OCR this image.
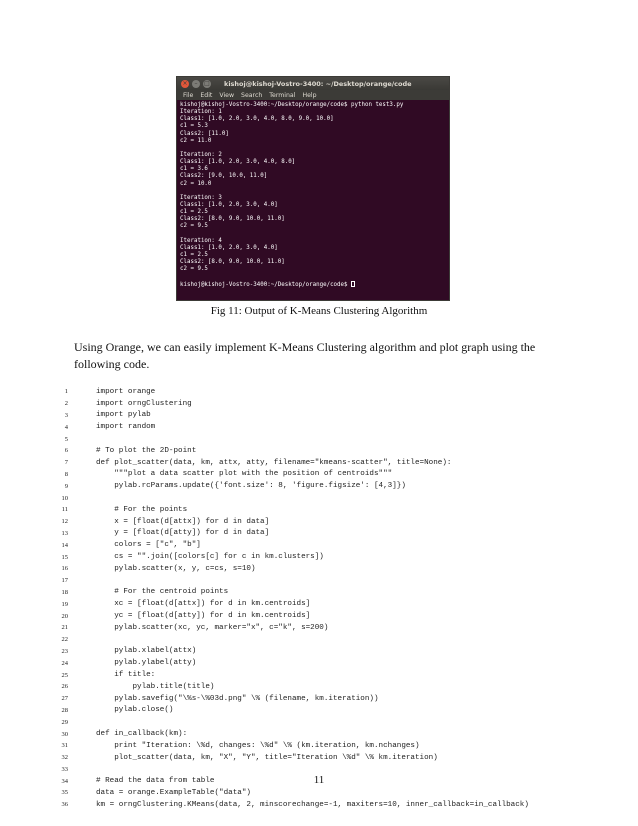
×	–	□ kishoj@kishoj-Vostro-3400: ~/Desktop/orange/code
File Edit View Search Terminal Help
kishoj@kishoj-Vostro-3400:~/Desktop/orange/code$ python test3.py
Iteration: 1
Class1: [1.0, 2.0, 3.0, 4.0, 8.0, 9.0, 10.0]
c1 = 5.3
Class2: [11.0]
c2 = 11.0
Iteration: 2
Class1: [1.0, 2.0, 3.0, 4.0, 8.0]
c1 = 3.6
Class2: [9.0, 10.0, 11.0]
c2 = 10.0
Iteration: 3
Class1: [1.0, 2.0, 3.0, 4.0]
c1 = 2.5
Class2: [8.0, 9.0, 10.0, 11.0]
c2 = 9.5
Iteration: 4
Class1: [1.0, 2.0, 3.0, 4.0]
c1 = 2.5
Class2: [8.0, 9.0, 10.0, 11.0]
c2 = 9.5
kishoj@kishoj-Vostro-3400:~/Desktop/orange/code$
Fig 11: Output of K-Means Clustering Algorithm
Using Orange, we can easily implement K-Means Clustering algorithm and plot graph using the following code.
1	import orange
2	import orngClustering
3	import pylab
4	import random
5
6	# To plot the 2D-point
7	def plot_scatter(data, km, attx, atty, filename="kmeans-scatter", title=None):
8	"""plot a data scatter plot with the position of centroids"""
9	pylab.rcParams.update({'font.size': 8, 'figure.figsize': [4,3]})
10
11	# For the points
12	x = [float(d[attx]) for d in data]
13	y = [float(d[atty]) for d in data]
14	colors = ["c", "b"]
15	cs = "".join([colors[c] for c in km.clusters])
16	pylab.scatter(x, y, c=cs, s=10)
17
18	# For the centroid points
19	xc = [float(d[attx]) for d in km.centroids]
20	yc = [float(d[atty]) for d in km.centroids]
21	pylab.scatter(xc, yc, marker="x", c="k", s=200)
22
23	pylab.xlabel(attx)
24	pylab.ylabel(atty)
25	if title:
26	pylab.title(title)
27	pylab.savefig("\%s-\%03d.png" \% (filename, km.iteration))
28	pylab.close()
29
30	def in_callback(km):
31	print "Iteration: \%d, changes: \%d" \% (km.iteration, km.nchanges)
32	plot_scatter(data, km, "X", "Y", title="Iteration \%d" \% km.iteration)
33
34	# Read the data from table
35	data = orange.ExampleTable("data")
36	km = orngClustering.KMeans(data, 2, minscorechange=-1, maxiters=10, inner_callback=in_callback)
11
